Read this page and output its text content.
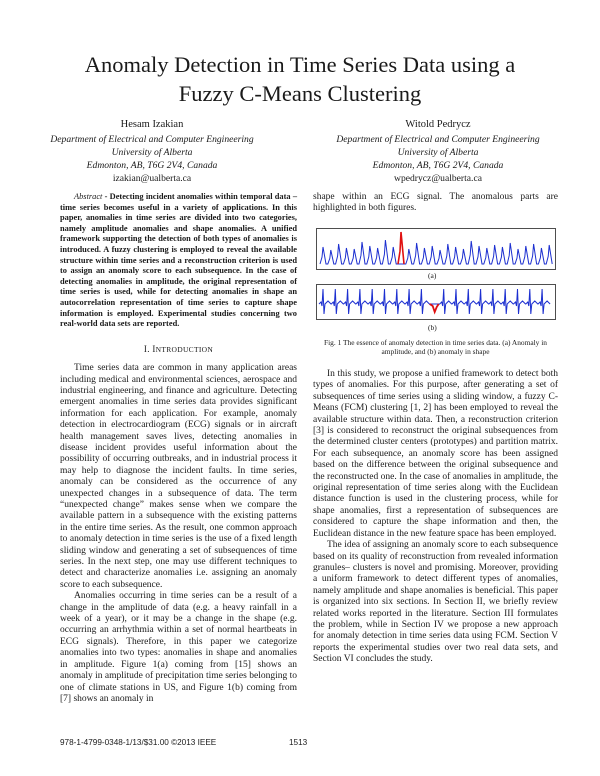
Anomaly Detection in Time Series Data using a
Fuzzy C-Means Clustering
Hesam Izakian
Department of Electrical and Computer Engineering
University of Alberta
Edmonton, AB, T6G 2V4, Canada
izakian@ualberta.ca
Witold Pedrycz
Department of Electrical and Computer Engineering
University of Alberta
Edmonton, AB, T6G 2V4, Canada
wpedrycz@ualberta.ca
Abstract - Detecting incident anomalies within temporal data – time series becomes useful in a variety of applications. In this paper, anomalies in time series are divided into two categories, namely amplitude anomalies and shape anomalies. A unified framework supporting the detection of both types of anomalies is introduced. A fuzzy clustering is employed to reveal the available structure within time series and a reconstruction criterion is used to assign an anomaly score to each subsequence. In the case of detecting anomalies in amplitude, the original representation of time series is used, while for detecting anomalies in shape an autocorrelation representation of time series to capture shape information is employed. Experimental studies concerning two real-world data sets are reported.
I. INTRODUCTION

Time series data are common in many application areas including medical and environmental sciences, aerospace and industrial engineering, and finance and agriculture. Detecting emergent anomalies in time series data provides significant information for each application. For example, anomaly detection in electrocardiogram (ECG) signals or in aircraft health management saves lives, detecting anomalies in disease incident provides useful information about the possibility of occurring outbreaks, and in industrial process it may help to diagnose the incident faults. In time series, anomaly can be considered as the occurrence of any unexpected changes in a subsequence of data. The term “unexpected change” makes sense when we compare the available pattern in a subsequence with the existing patterns in the entire time series. As the result, one common approach to anomaly detection in time series is the use of a fixed length sliding window and generating a set of subsequences of time series. In the next step, one may use different techniques to detect and characterize anomalies i.e. assigning an anomaly score to each subsequence.

Anomalies occurring in time series can be a result of a change in the amplitude of data (e.g. a heavy rainfall in a week of a year), or it may be a change in the shape (e.g. occurring an arrhythmia within a set of normal heartbeats in ECG signals). Therefore, in this paper we categorize anomalies into two types: anomalies in shape and anomalies in amplitude. Figure 1(a) coming from [15] shows an anomaly in amplitude of precipitation time series belonging to one of climate stations in US, and Figure 1(b) coming from [7] shows an anomaly in

shape within an ECG signal. The anomalous parts are highlighted in both figures.

(a)
(b)
Fig. 1 The essence of anomaly detection in time series data. (a) Anomaly in amplitude, and (b) anomaly in shape

In this study, we propose a unified framework to detect both types of anomalies. For this purpose, after generating a set of subsequences of time series using a sliding window, a fuzzy C-Means (FCM) clustering [1, 2] has been employed to reveal the available structure within data. Then, a reconstruction criterion [3] is considered to reconstruct the original subsequences from the determined cluster centers (prototypes) and partition matrix. For each subsequence, an anomaly score has been assigned based on the difference between the original subsequence and the reconstructed one. In the case of anomalies in amplitude, the original representation of time series along with the Euclidean distance function is used in the clustering process, while for shape anomalies, first a representation of subsequences are considered to capture the shape information and then, the Euclidean distance in the new feature space has been employed.

The idea of assigning an anomaly score to each subsequence based on its quality of reconstruction from revealed information granules– clusters is novel and promising. Moreover, providing a uniform framework to detect different types of anomalies, namely amplitude and shape anomalies is beneficial. This paper is organized into six sections. In Section II, we briefly review related works reported in the literature. Section III formulates the problem, while in Section IV we propose a new approach for anomaly detection in time series data using FCM. Section V reports the experimental studies over two real data sets, and Section VI concludes the study.

978-1-4799-0348-1/13/$31.00 ©2013 IEEE	1513
